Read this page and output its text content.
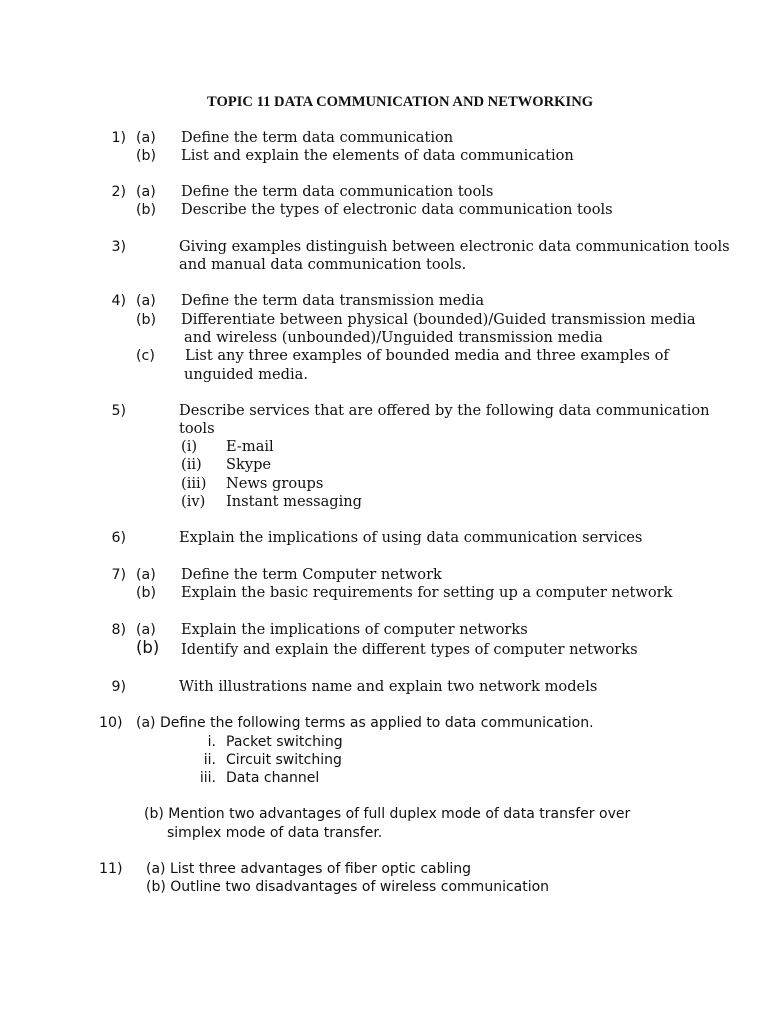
TOPIC 11 DATA COMMUNICATION AND NETWORKING
1) (a) Define the term data communication
(b) List and explain the elements of data communication
2) (a) Define the term data communication tools
(b) Describe the types of electronic data communication tools
3)	Giving examples distinguish between electronic data communication tools
and manual data communication tools.
4) (a) Define the term data transmission media
(b) Differentiate between physical (bounded)/Guided transmission media
and wireless (unbounded)/Unguided transmission media
(c) List any three examples of bounded media and three examples of
unguided media.
5)	Describe services that are offered by the following data communication
tools
(i) E-mail
(ii) Skype
(iii) News groups
(iv) Instant messaging
6)	Explain the implications of using data communication services
7) (a) Define the term Computer network
(b) Explain the basic requirements for setting up a computer network
8) (a) Explain the implications of computer networks
(b) Identify and explain the different types of computer networks
9)	With illustrations name and explain two network models
10) (a) Define the following terms as applied to data communication.
i. Packet switching
ii. Circuit switching
iii. Data channel
(b) Mention two advantages of full duplex mode of data transfer over
simplex mode of data transfer.
11) (a) List three advantages of fiber optic cabling
(b) Outline two disadvantages of wireless communication
